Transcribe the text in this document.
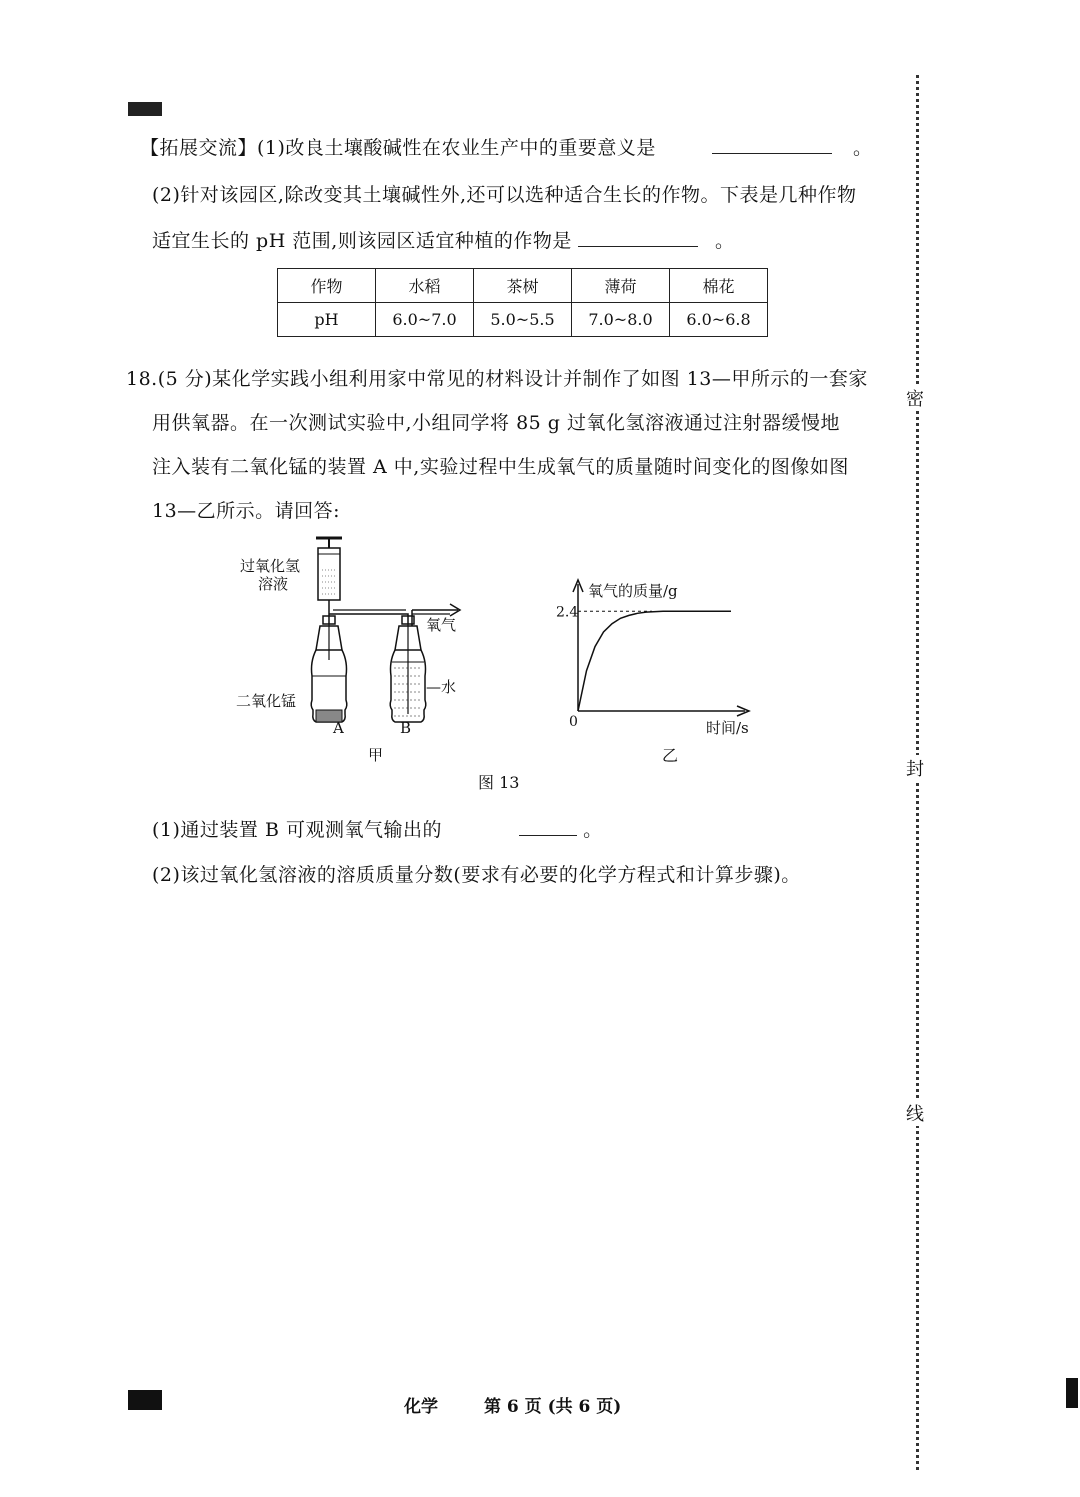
【拓展交流】(1)改良土壤酸碱性在农业生产中的重要意义是	。
(2)针对该园区,除改变其土壤碱性外,还可以选种适合生长的作物。下表是几种作物
适宜生长的 pH 范围,则该园区适宜种植的作物是	。
作物	水稻	茶树	薄荷	棉花
pH	6.0~7.0	5.0~5.5	7.0~8.0	6.0~6.8
18.(5 分)某化学实践小组利用家中常见的材料设计并制作了如图 13—甲所示的一套家
用供氧器。在一次测试实验中,小组同学将 85 g 过氧化氢溶液通过注射器缓慢地
注入装有二氧化锰的装置 A 中,实验过程中生成氧气的质量随时间变化的图像如图
13—乙所示。请回答:
过氧化氢
溶液
氧气
二氧化锰
—水
A	B
甲
氧气的质量/g
2.4
0	时间/s
乙
图 13
(1)通过装置 B 可观测氧气输出的	。
(2)该过氧化氢溶液的溶质质量分数(要求有必要的化学方程式和计算步骤)。
密
封
线
化学	第 6 页 (共 6 页)
